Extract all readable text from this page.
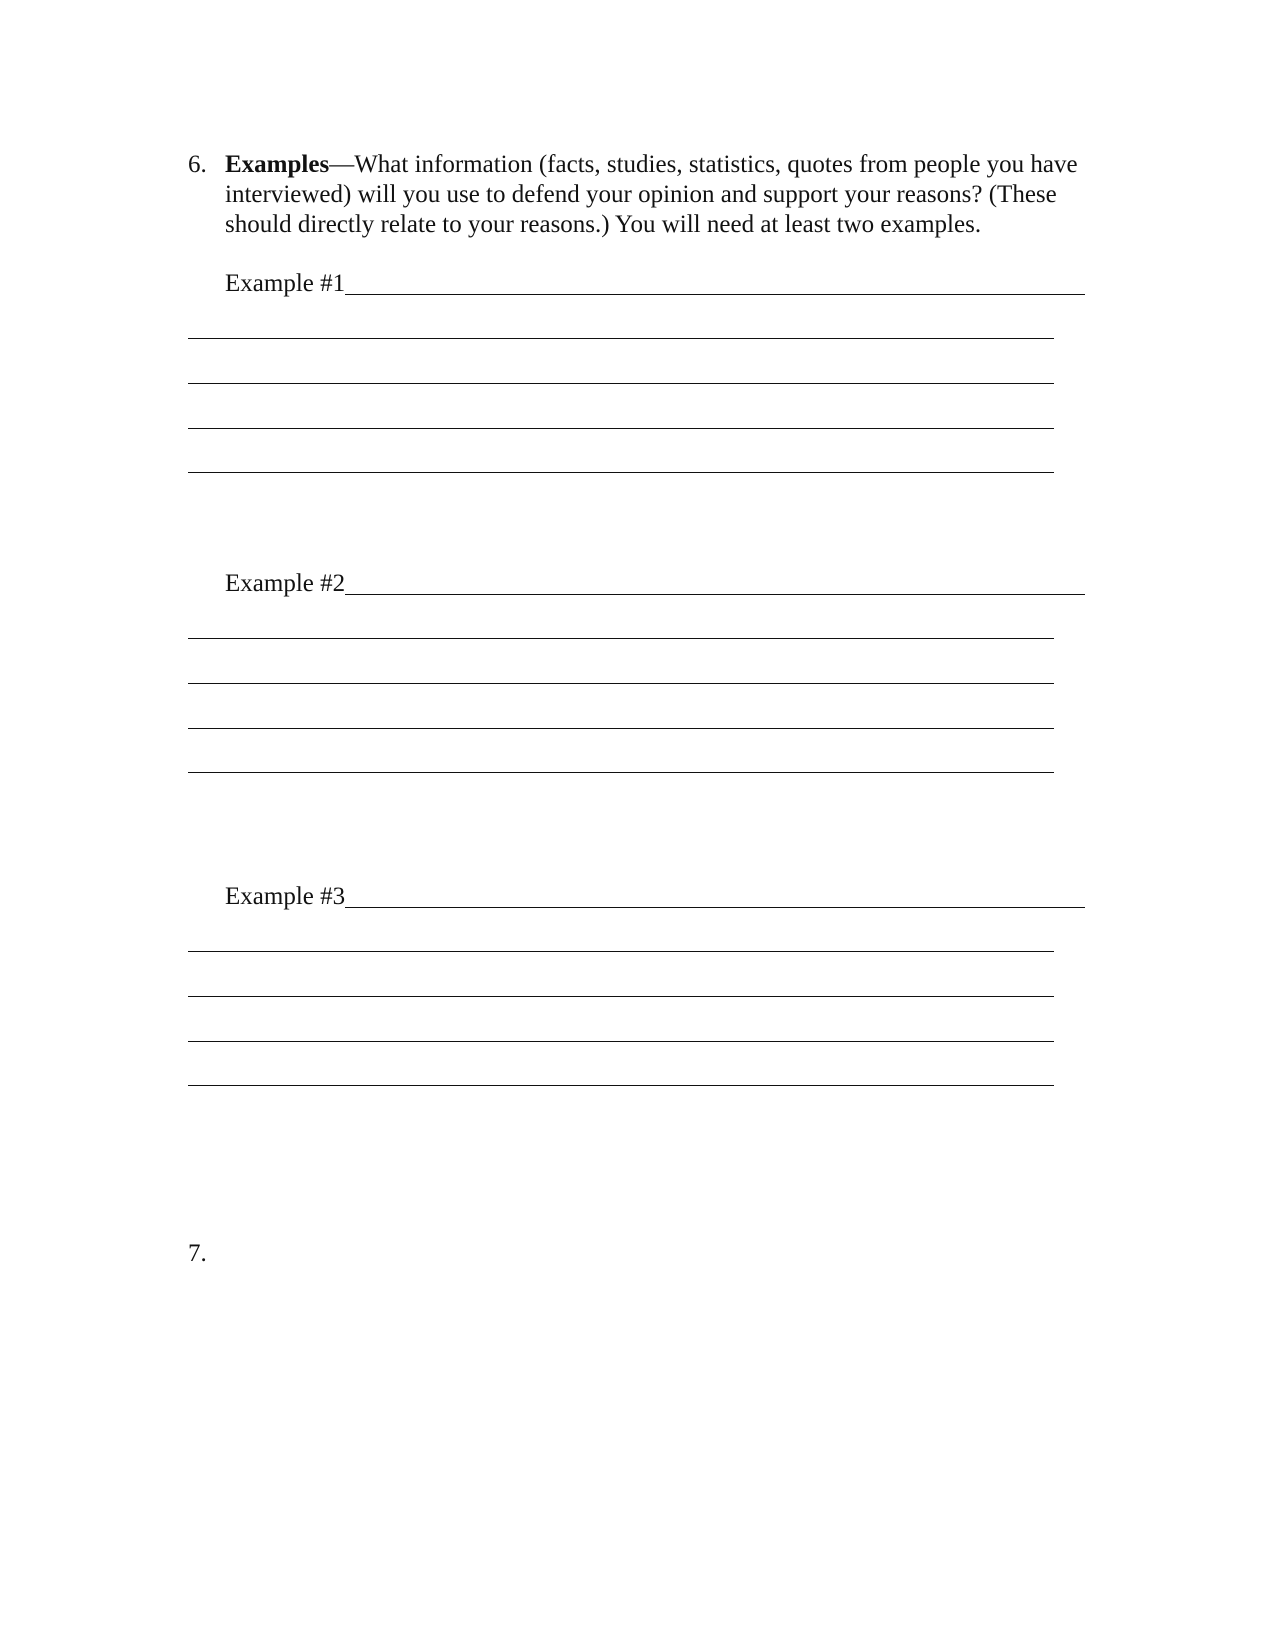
6. Examples—What information (facts, studies, statistics, quotes from people you have
interviewed) will you use to defend your opinion and support your reasons? (These
should directly relate to your reasons.) You will need at least two examples.
Example #1
Example #2
Example #3
7.
